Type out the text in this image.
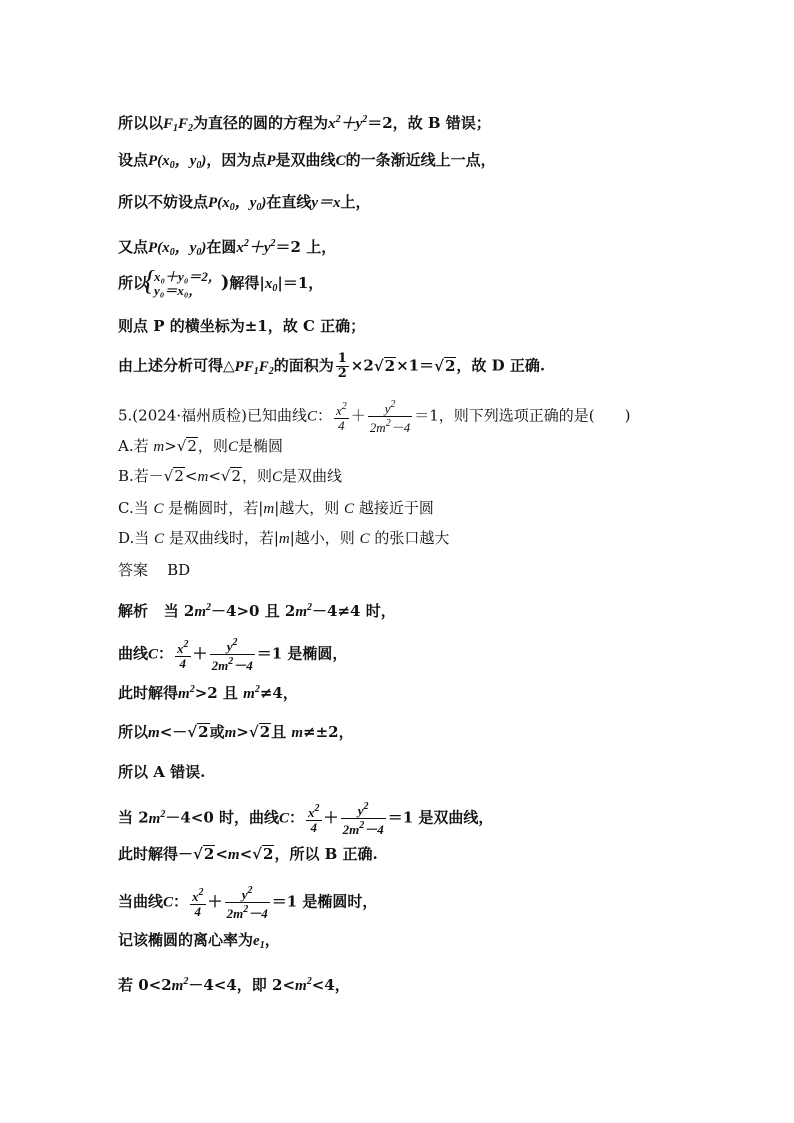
所以以$F_1F_2$为直径的圆的方程为$x^2+y^2=2$，故 B 错误；
设点$P(x_0$，$y_0$)，因为点P是双曲线C的一条渐近线上一点，
所以不妨设点$P(x_0$，$y_0$)在直线y＝x上，
又点$P(x_0$，$y_0$)在圆$x^2+y^2=2$ 上，
所以
{ x₀＋y₀＝2，
y₀＝x₀，	)解得$|x_0|=1$，
则点 P 的横坐标为±1，故 C 正确；
由上述分析可得$\triangle PF_1F_2$的面积为 $\frac{1}{2} \times 2√2\times 1=√2$，故 D 正确.
5.(2024·福州质检)已知曲线C： $\frac{x^2}{4} + \frac{y^2}{2m^2-4} =1$，则下列选项正确的是(　　)
A.若 m>√2，则C是椭圆
B.若－√2<m<√2，则C是双曲线
C.当 C 是椭圆时，若|m|越大，则 C 越接近于圆
D.当 C 是双曲线时，若|m|越小，则 C 的张口越大
答案 BD
解析 当 $2m^2-4>0$ 且 $2m^2-4\ne 4$ 时，
曲线C： $\frac{x^2}{4} + \frac{y^2}{2m^2-4} =1$ 是椭圆，
此时解得$m^2>2$ 且 $m^2\ne 4$，
所以m<－√2或m>√2且 m≠±2，
所以 A 错误.
当 $2m^2-4<0$ 时，曲线C： $\frac{x^2}{4} + \frac{y^2}{2m^2-4} =1$ 是双曲线，
此时解得－√2<m<√2，所以 B 正确.
当曲线C： $\frac{x^2}{4} + \frac{y^2}{2m^2-4} =1$ 是椭圆时，
记该椭圆的离心率为$e_1$，
若 $0<2m^2-4<4$，即 $2<m^2<4$，
